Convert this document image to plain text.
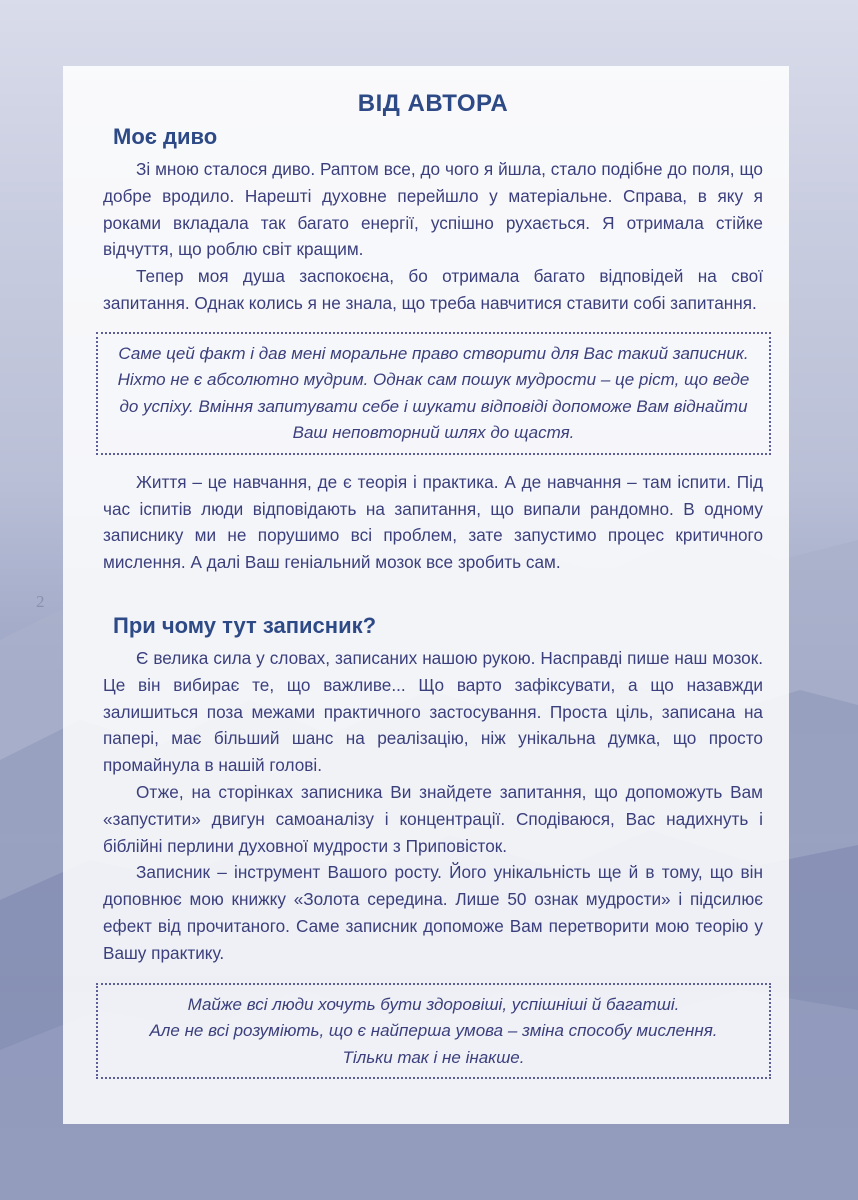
2
ВІД АВТОРА
Моє диво

Зі мною сталося диво. Раптом все, до чого я йшла, стало подібне до поля, що добре вродило. Нарешті духовне перейшло у матеріальне. Справа, в яку я роками вкладала так багато енергії, успішно рухається. Я отримала стійке відчуття, що роблю світ кращим.

Тепер моя душа заспокоєна, бо отримала багато відповідей на свої запитання. Однак колись я не знала, що треба навчитися ставити собі запитання.

Саме цей факт і дав мені моральне право створити для Вас такий записник. Ніхто не є абсолютно мудрим. Однак сам пошук мудрости – це ріст, що веде до успіху. Вміння запитувати себе і шукати відповіді допоможе Вам віднайти Ваш неповторний шлях до щастя.

Життя – це навчання, де є теорія і практика. А де навчання – там іспити. Під час іспитів люди відповідають на запитання, що випали рандомно. В одному записнику ми не порушимо всі проблем, зате запустимо процес критичного мислення. А далі Ваш геніальний мозок все зробить сам.

При чому тут записник?

Є велика сила у словах, записаних нашою рукою. Насправді пише наш мозок. Це він вибирає те, що важливе... Що варто зафіксувати, а що назавжди залишиться поза межами практичного застосування. Проста ціль, записана на папері, має більший шанс на реалізацію, ніж унікальна думка, що просто промайнула в нашій голові.

Отже, на сторінках записника Ви знайдете запитання, що допоможуть Вам «запустити» двигун самоаналізу і концентрації. Сподіваюся, Вас надихнуть і біблійні перлини духовної мудрости з Приповісток.

Записник – інструмент Вашого росту. Його унікальність ще й в тому, що він доповнює мою книжку «Золота середина. Лише 50 ознак мудрости» і підсилює ефект від прочитаного. Саме записник допоможе Вам перетворити мою теорію у Вашу практику.

Майже всі люди хочуть бути здоровіші, успішніші й багатші.
Але не всі розуміють, що є найперша умова – зміна способу мислення.
Тільки так і не інакше.
